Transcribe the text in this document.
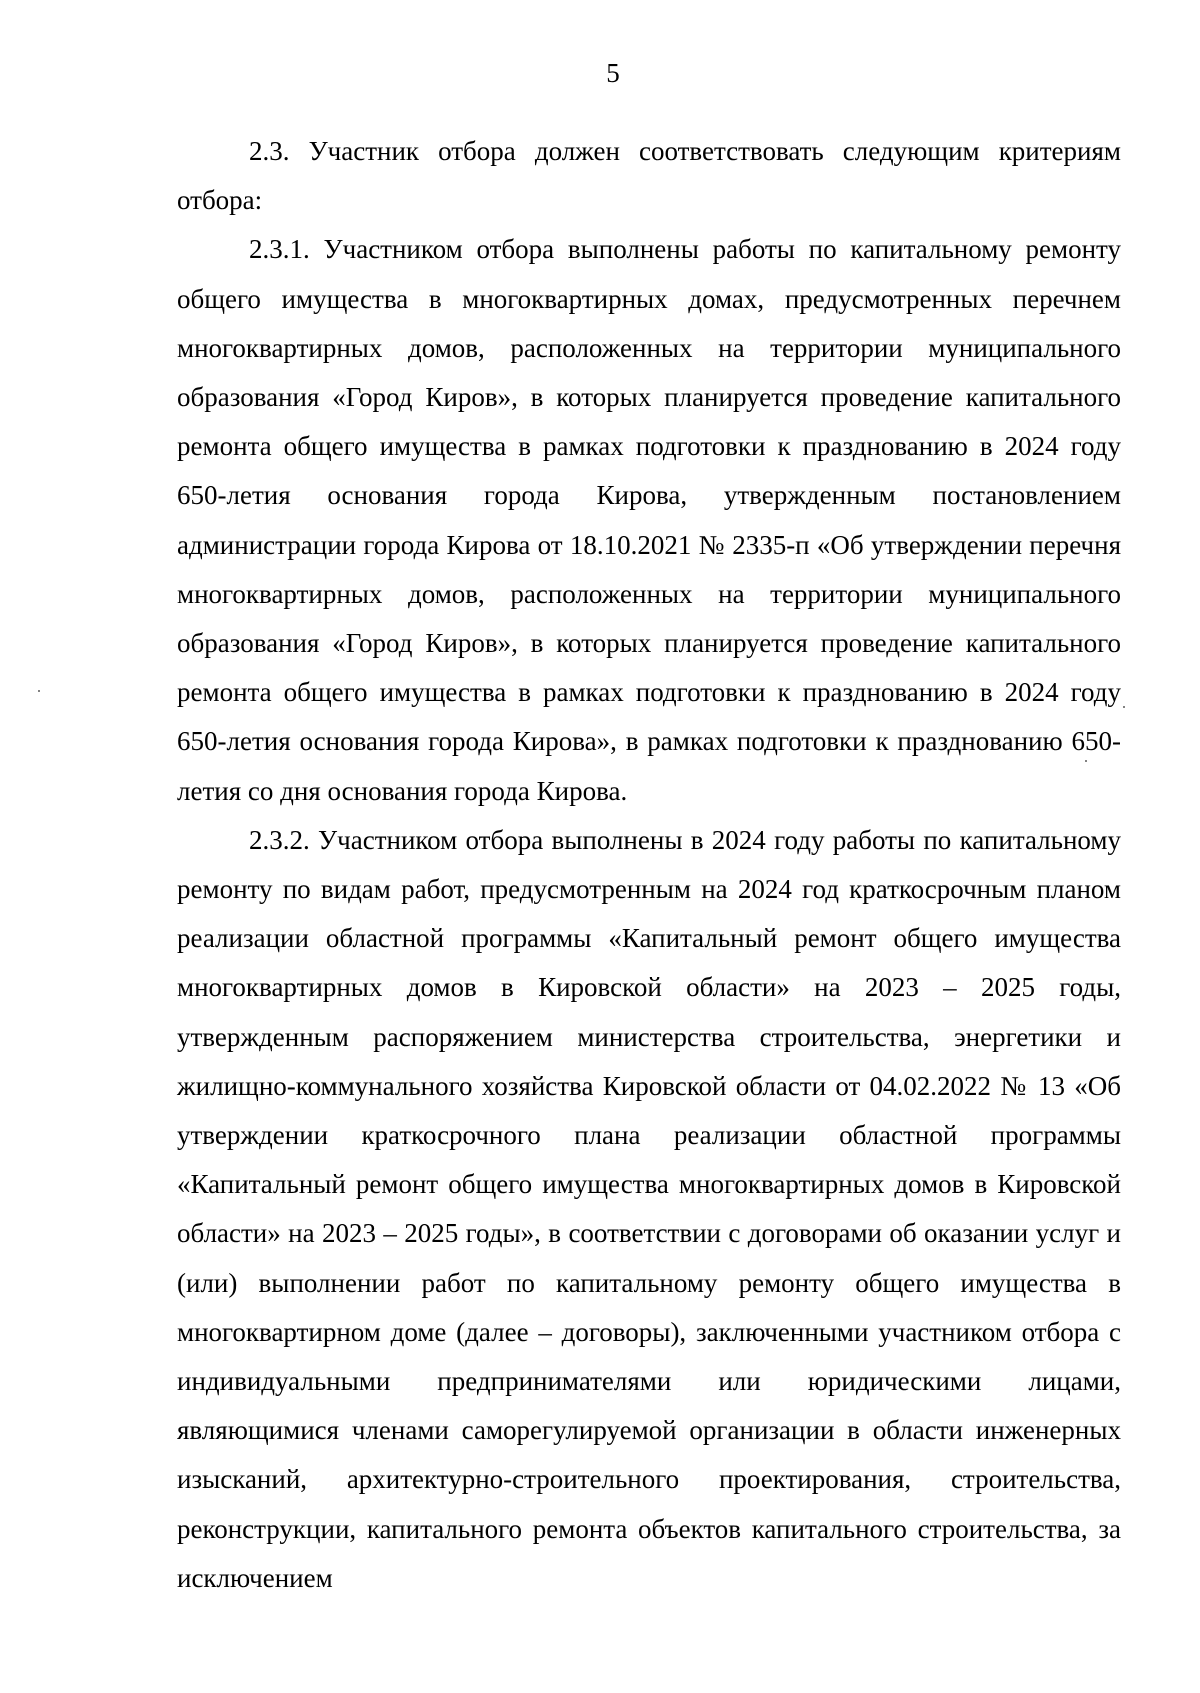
5

2.3. Участник отбора должен соответствовать следующим критериям отбора:

2.3.1. Участником отбора выполнены работы по капитальному ремонту общего имущества в многоквартирных домах, предусмотренных перечнем многоквартирных домов, расположенных на территории муниципального образования «Город Киров», в которых планируется проведение капитального ремонта общего имущества в рамках подготовки к празднованию в 2024 году 650-летия основания города Кирова, утвержденным постановлением администрации города Кирова от 18.10.2021 № 2335-п «Об утверждении перечня многоквартирных домов, расположенных на территории муниципального образования «Город Киров», в которых планируется проведение капитального ремонта общего имущества в рамках подготовки к празднованию в 2024 году 650-летия основания города Кирова», в рамках подготовки к празднованию 650-летия со дня основания города Кирова.

2.3.2. Участником отбора выполнены в 2024 году работы по капитальному ремонту по видам работ, предусмотренным на 2024 год краткосрочным планом реализации областной программы «Капитальный ремонт общего имущества многоквартирных домов в Кировской области» на 2023 – 2025 годы, утвержденным распоряжением министерства строительства, энергетики и жилищно-коммунального хозяйства Кировской области от 04.02.2022 № 13 «Об утверждении краткосрочного плана реализации областной программы «Капитальный ремонт общего имущества многоквартирных домов в Кировской области» на 2023 – 2025 годы», в соответствии с договорами об оказании услуг и (или) выполнении работ по капитальному ремонту общего имущества в многоквартирном доме (далее – договоры), заключенными участником отбора с индивидуальными предпринимателями или юридическими лицами, являющимися членами саморегулируемой организации в области инженерных изысканий, архитектурно-строительного проектирования, строительства, реконструкции, капитального ремонта объектов капитального строительства, за исключением
